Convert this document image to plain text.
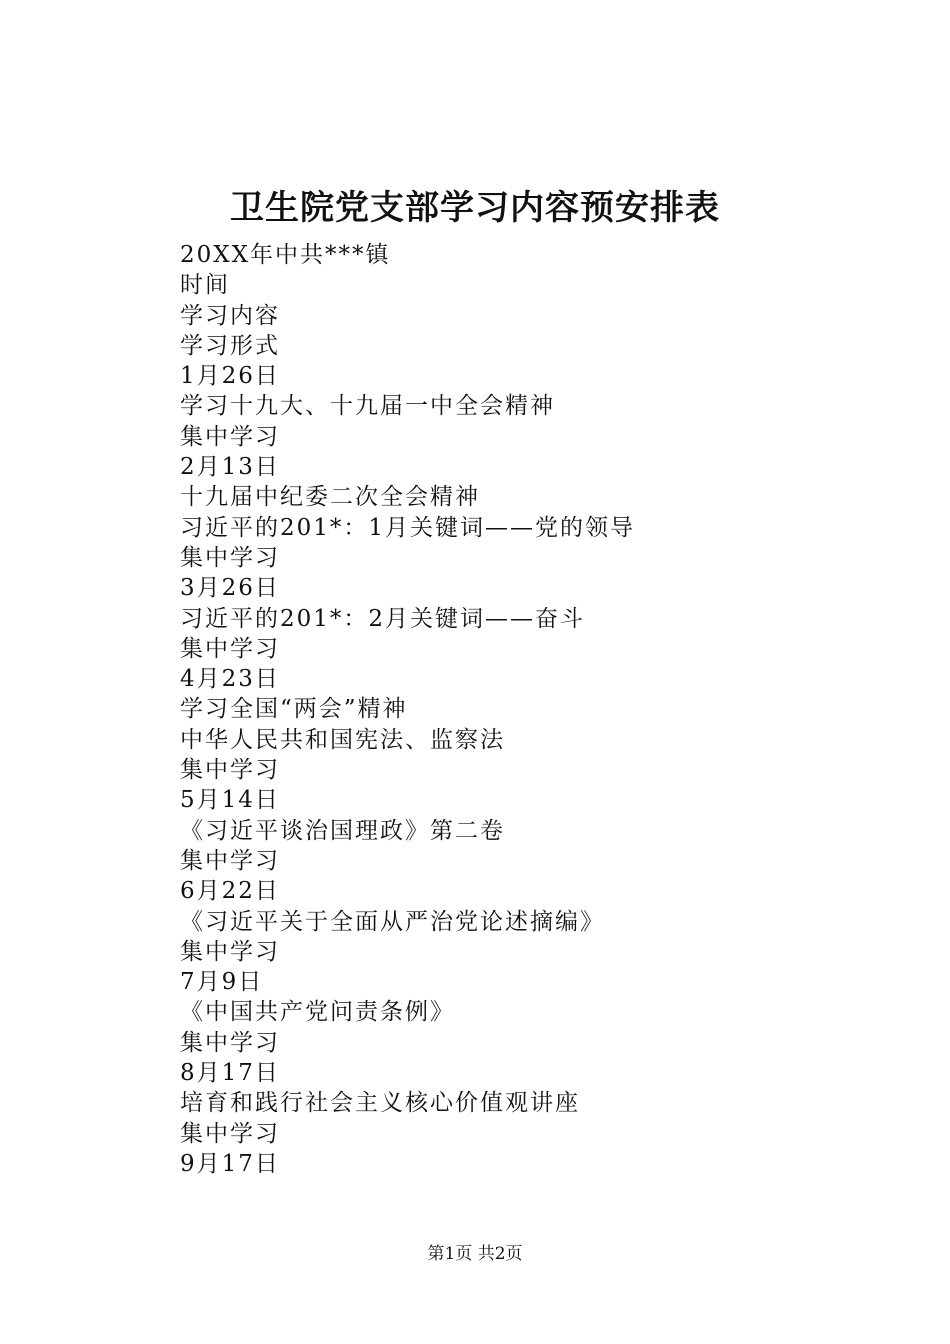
卫生院党支部学习内容预安排表
20XX年中共***镇
时间
学习内容
学习形式
1月26日
学习十九大、十九届一中全会精神
集中学习
2月13日
十九届中纪委二次全会精神
习近平的201*：1月关键词——党的领导
集中学习
3月26日
习近平的201*：2月关键词——奋斗
集中学习
4月23日
学习全国“两会”精神
中华人民共和国宪法、监察法
集中学习
5月14日
《习近平谈治国理政》第二卷
集中学习
6月22日
《习近平关于全面从严治党论述摘编》
集中学习
7月9日
《中国共产党问责条例》
集中学习
8月17日
培育和践行社会主义核心价值观讲座
集中学习
9月17日
第1页 共2页
